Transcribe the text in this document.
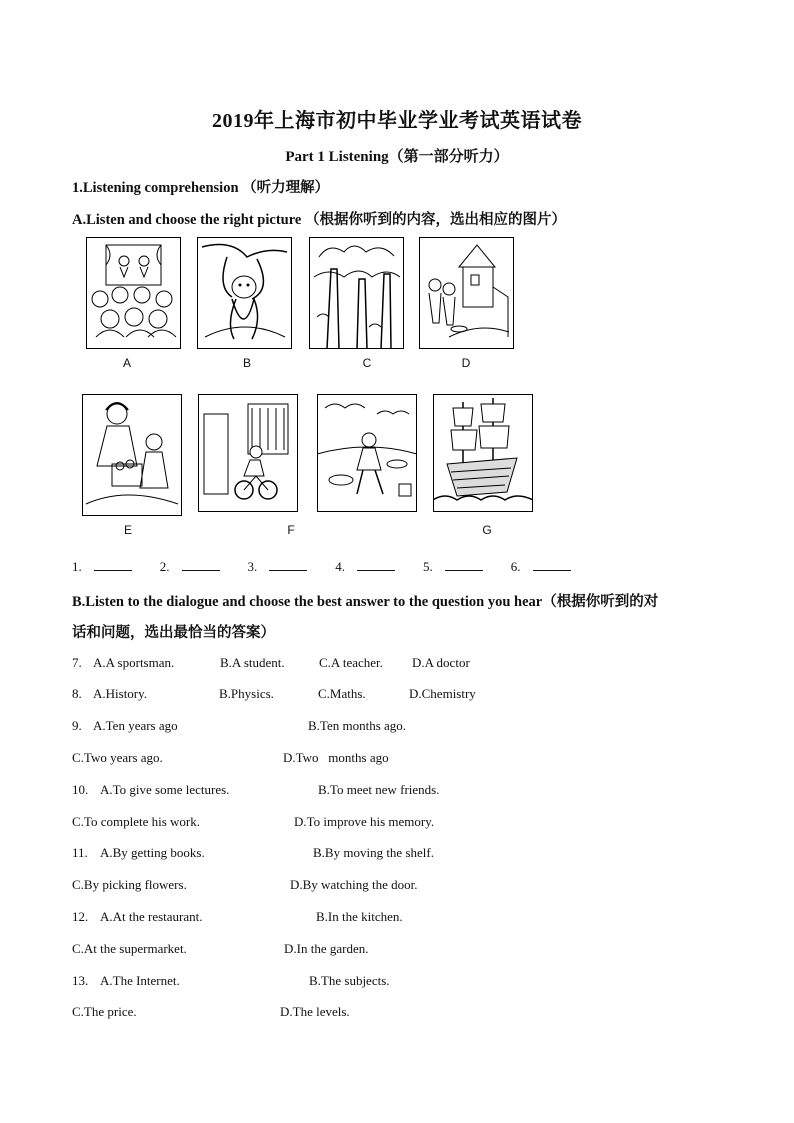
2019年上海市初中毕业学业考试英语试卷
Part 1 Listening（第一部分听力）
1.Listening comprehension （听力理解）
A.Listen and choose the right picture （根据你听到的内容，选出相应的图片）
A	B	C	D
E	F	G
1.	2.	3.	4.	5.	6.
B.Listen to the dialogue and choose the best answer to the question you hear（根据你听到的对
话和问题，选出最恰当的答案）
7. A.A sportsman.	B.A student.	C.A teacher. D.A doctor
8. A.History.	B.Physics.	C.Maths.	D.Chemistry
9. A.Ten years ago	B.Ten months ago.
C.Two years ago.	D.Two   months ago
10. A.To give some lectures.	B.To meet new friends.
C.To complete his work.	D.To improve his memory.
11. A.By getting books.	B.By moving the shelf.
C.By picking flowers.	D.By watching the door.
12. A.At the restaurant.	B.In the kitchen.
C.At the supermarket.	D.In the garden.
13. A.The Internet.	B.The subjects.
C.The price.	D.The levels.
